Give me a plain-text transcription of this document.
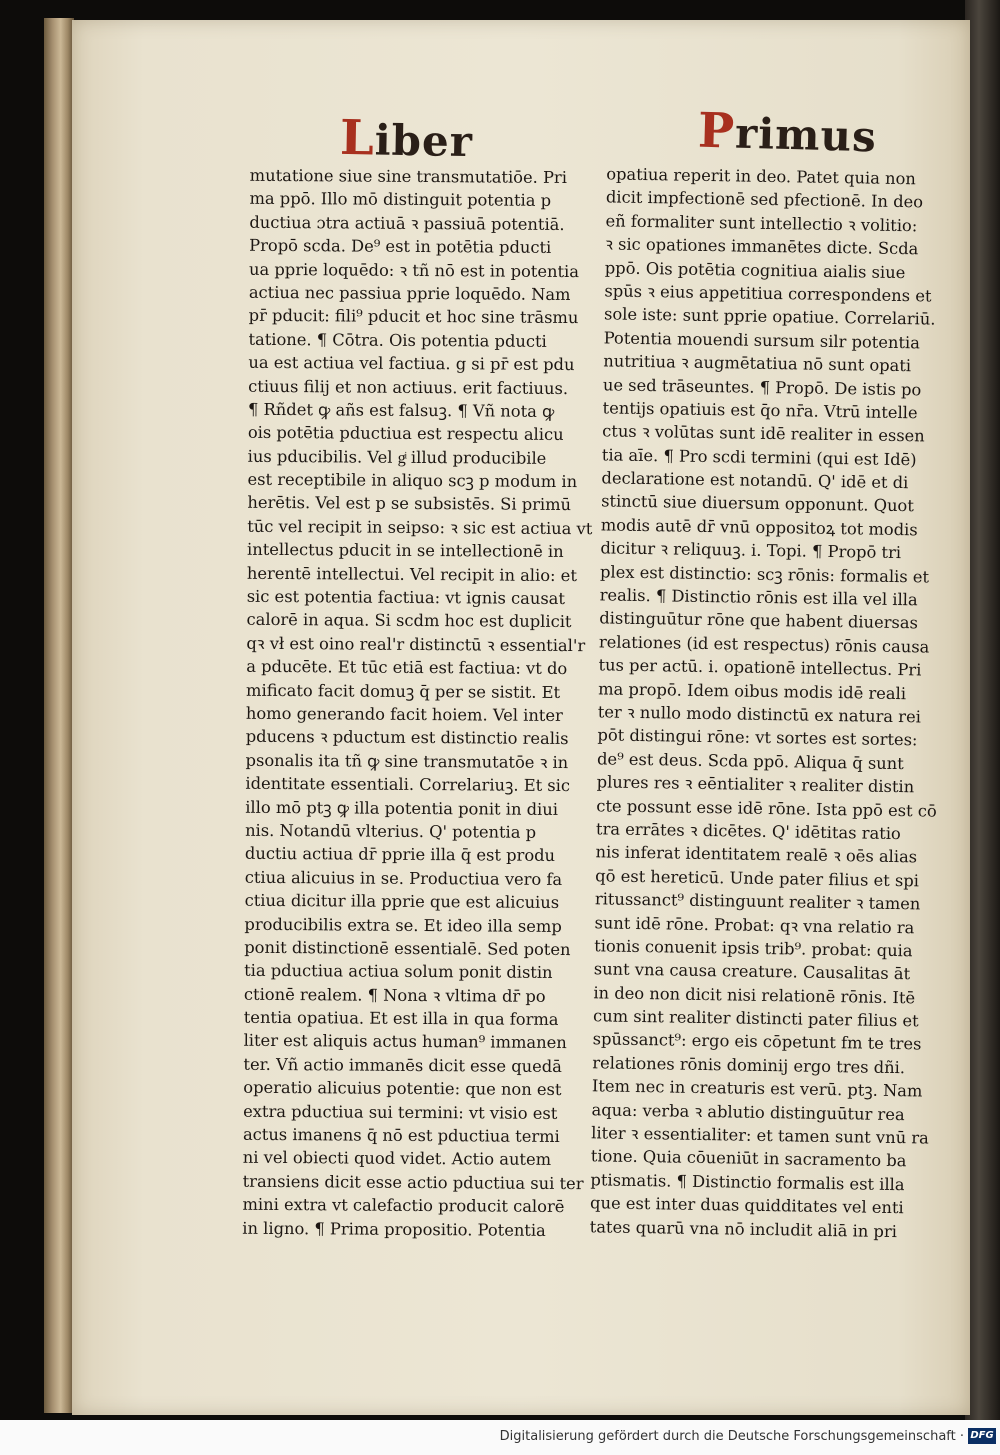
Liber	Primus
mutatione siue sine transmutatiōe. Pri
ma ppō. Illo mō distinguit potentia p
ductiua ɔtra actiuā ꝛ passiuā potentiā.
Propō scda. De⁹ est in potētia pducti
ua pprie loquēdo: ꝛ tñ nō est in potentia
actiua nec passiua pprie loquēdo. Nam
pr̄ pducit: fili⁹ pducit et hoc sine trāsmu
tatione. ¶ Cōtra. Ois potentia pducti
ua est actiua vel factiua. g si pr̄ est pdu
ctiuus filij et non actiuus. erit factiuus.
¶ Rñdet ꝙ añs est falsuꝫ. ¶ Vñ nota ꝙ
ois potētia pductiua est respectu alicu
ius pducibilis. Vel gͥ illud producibile
est receptibile in aliquo scꝫ p modum in
herētis. Vel est p se subsistēs. Si primū
tūc vel recipit in seipso: ꝛ sic est actiua vt
intellectus pducit in se intellectionē in
herentē intellectui. Vel recipit in alio: et
sic est potentia factiua: vt ignis causat
calorē in aqua. Si scdm hoc est duplicit
qꝛ vł est oino real'r distinctū ꝛ essential'r
a pducēte. Et tūc etiā est factiua: vt do
mificato facit domuꝫ q̄ per se sistit. Et
homo generando facit hoiem. Vel inter
pducens ꝛ pductum est distinctio realis
psonalis ita tñ ꝙ sine transmutatōe ꝛ in
identitate essentiali. Correlariuꝫ. Et sic
illo mō ptꝫ ꝙ illa potentia ponit in diui
nis. Notandū vlterius. Q' potentia p
ductiu actiua dr̄ pprie illa q̄ est produ
ctiua alicuius in se. Productiua vero fa
ctiua dicitur illa pprie que est alicuius
producibilis extra se. Et ideo illa semp
ponit distinctionē essentialē. Sed poten
tia pductiua actiua solum ponit distin
ctionē realem. ¶ Nona ꝛ vltima dr̄ po
tentia opatiua. Et est illa in qua forma
liter est aliquis actus human⁹ immanen
ter. Vñ actio immanēs dicit esse quedā
operatio alicuius potentie: que non est
extra pductiua sui termini: vt visio est
actus imanens q̄ nō est pductiua termi
ni vel obiecti quod videt. Actio autem
transiens dicit esse actio pductiua sui ter
mini extra vt calefactio producit calorē
in ligno. ¶ Prima propositio. Potentia
opatiua reperit in deo. Patet quia non
dicit impfectionē sed pfectionē. In deo
eñ formaliter sunt intellectio ꝛ volitio:
ꝛ sic opationes immanētes dicte. Scda
ppō. Ois potētia cognitiua aialis siue
spūs ꝛ eius appetitiua correspondens et
sole iste: sunt pprie opatiue. Correlariū.
Potentia mouendi sursum silr potentia
nutritiua ꝛ augmētatiua nō sunt opati
ue sed trāseuntes. ¶ Propō. De istis po
tentijs opatiuis est q̄o nr̄a. Vtrū intelle
ctus ꝛ volūtas sunt idē realiter in essen
tia aīe. ¶ Pro scdi termini (qui est Idē)
declaratione est notandū. Q' idē et di
stinctū siue diuersum opponunt. Quot
modis autē dr̄ vnū oppositoꝝ tot modis
dicitur ꝛ reliquuꝫ. i. Topi. ¶ Propō tri
plex est distinctio: scꝫ rōnis: formalis et
realis. ¶ Distinctio rōnis est illa vel illa
distinguūtur rōne que habent diuersas
relationes (id est respectus) rōnis causa
tus per actū. i. opationē intellectus. Pri
ma propō. Idem oibus modis idē reali
ter ꝛ nullo modo distinctū ex natura rei
pōt distingui rōne: vt sortes est sortes:
de⁹ est deus. Scda ppō. Aliqua q̄ sunt
plures res ꝛ eēntialiter ꝛ realiter distin
cte possunt esse idē rōne. Ista ppō est cō
tra errātes ꝛ dicētes. Q' idētitas ratio
nis inferat identitatem realē ꝛ oēs alias
qō est hereticū. Unde pater filius et spi
ritussanct⁹ distinguunt realiter ꝛ tamen
sunt idē rōne. Probat: qꝛ vna relatio ra
tionis conuenit ipsis trib⁹. probat: quia
sunt vna causa creature. Causalitas āt
in deo non dicit nisi relationē rōnis. Itē
cum sint realiter distincti pater filius et
spūssanct⁹: ergo eis cōpetunt fm te tres
relationes rōnis dominij ergo tres dñi.
Item nec in creaturis est verū. ptꝫ. Nam
aqua: verba ꝛ ablutio distinguūtur rea
liter ꝛ essentialiter: et tamen sunt vnū ra
tione. Quia cōueniūt in sacramento ba
ptismatis. ¶ Distinctio formalis est illa
que est inter duas quidditates vel enti
tates quarū vna nō includit aliā in pri
Digitalisierung gefördert durch die Deutsche Forschungsgemeinschaft · DFG
